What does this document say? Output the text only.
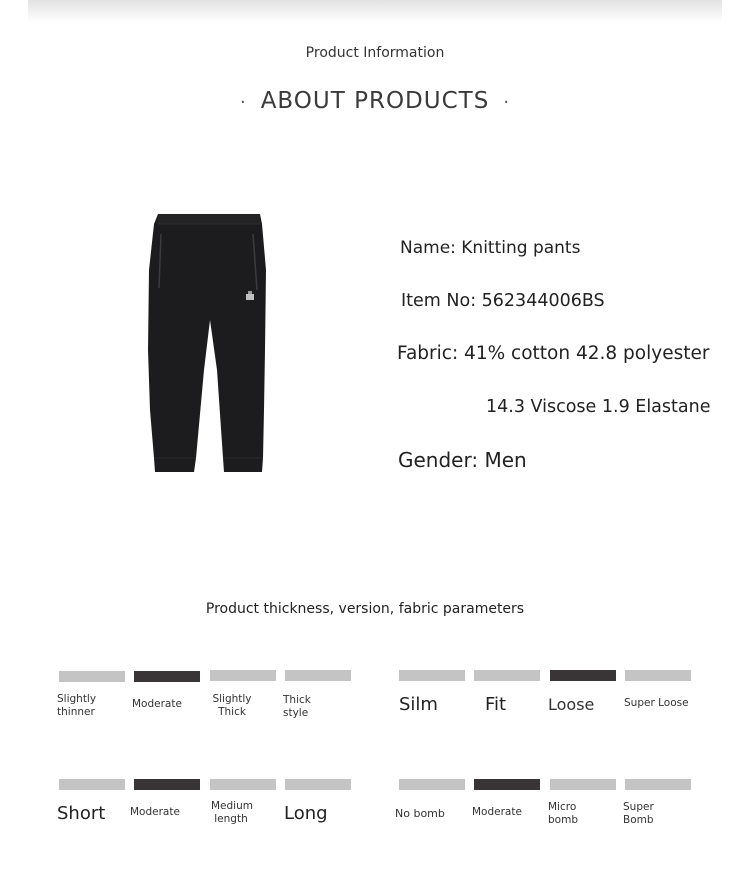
Product Information
· ABOUT PRODUCTS ·
Name: Knitting pants
Item No: 562344006BS
Fabric: 41% cotton 42.8 polyester
14.3 Viscose 1.9 Elastane
Gender: Men
Product thickness, version, fabric parameters
Slightly thinner
Moderate	Slightly Thick
Thick style	Silm	Fit	Loose	Super Loose
Short Moderate	Medium length Long	No bomb	Moderate Micro bomb
Super Bomb
